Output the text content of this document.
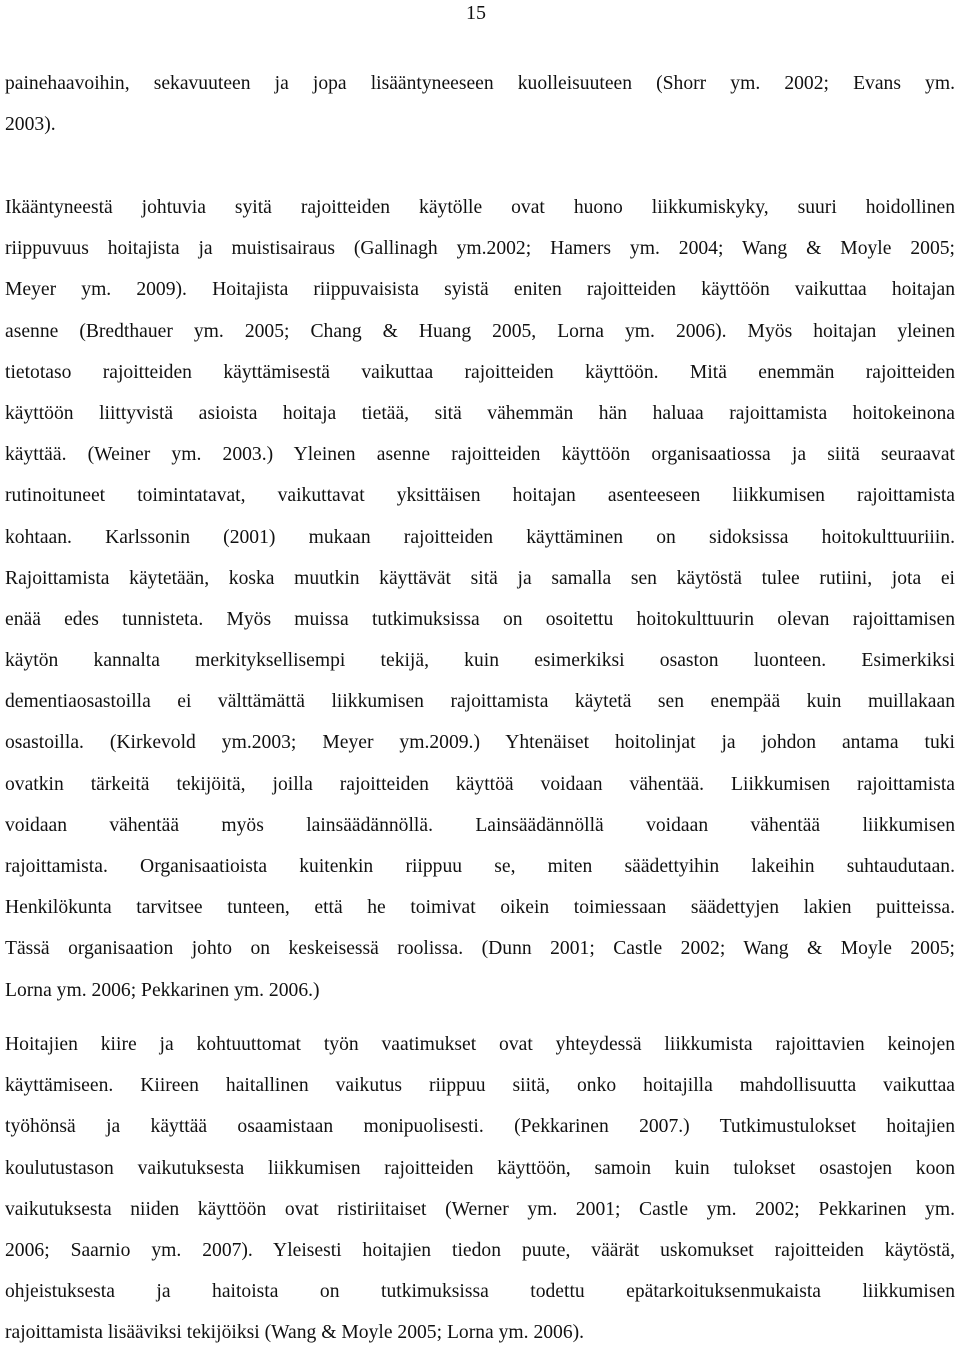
15
painehaavoihin, sekavuuteen ja jopa lisääntyneeseen kuolleisuuteen (Shorr ym. 2002; Evans ym.
2003).
Ikääntyneestä johtuvia syitä rajoitteiden käytölle ovat huono liikkumiskyky, suuri hoidollinen
riippuvuus hoitajista ja muistisairaus (Gallinagh ym.2002; Hamers ym. 2004; Wang & Moyle 2005;
Meyer ym. 2009). Hoitajista riippuvaisista syistä eniten rajoitteiden käyttöön vaikuttaa hoitajan
asenne (Bredthauer ym. 2005; Chang & Huang 2005, Lorna ym. 2006). Myös hoitajan yleinen
tietotaso rajoitteiden käyttämisestä vaikuttaa rajoitteiden käyttöön. Mitä enemmän rajoitteiden
käyttöön liittyvistä asioista hoitaja tietää, sitä vähemmän hän haluaa rajoittamista hoitokeinona
käyttää. (Weiner ym. 2003.) Yleinen asenne rajoitteiden käyttöön organisaatiossa ja siitä seuraavat
rutinoituneet toimintatavat, vaikuttavat yksittäisen hoitajan asenteeseen liikkumisen rajoittamista
kohtaan. Karlssonin (2001) mukaan rajoitteiden käyttäminen on sidoksissa hoitokulttuuriiin.
Rajoittamista käytetään, koska muutkin käyttävät sitä ja samalla sen käytöstä tulee rutiini, jota ei
enää edes tunnisteta. Myös muissa tutkimuksissa on osoitettu hoitokulttuurin olevan rajoittamisen
käytön kannalta merkityksellisempi tekijä, kuin esimerkiksi osaston luonteen. Esimerkiksi
dementiaosastoilla ei välttämättä liikkumisen rajoittamista käytetä sen enempää kuin muillakaan
osastoilla. (Kirkevold ym.2003; Meyer ym.2009.) Yhtenäiset hoitolinjat ja johdon antama tuki
ovatkin tärkeitä tekijöitä, joilla rajoitteiden käyttöä voidaan vähentää. Liikkumisen rajoittamista
voidaan vähentää myös lainsäädännöllä. Lainsäädännöllä voidaan vähentää liikkumisen
rajoittamista. Organisaatioista kuitenkin riippuu se, miten säädettyihin lakeihin suhtaudutaan.
Henkilökunta tarvitsee tunteen, että he toimivat oikein toimiessaan säädettyjen lakien puitteissa.
Tässä organisaation johto on keskeisessä roolissa. (Dunn 2001; Castle 2002; Wang & Moyle 2005;
Lorna ym. 2006; Pekkarinen ym. 2006.)
Hoitajien kiire ja kohtuuttomat työn vaatimukset ovat yhteydessä liikkumista rajoittavien keinojen
käyttämiseen. Kiireen haitallinen vaikutus riippuu siitä, onko hoitajilla mahdollisuutta vaikuttaa
työhönsä ja käyttää osaamistaan monipuolisesti. (Pekkarinen 2007.) Tutkimustulokset hoitajien
koulutustason vaikutuksesta liikkumisen rajoitteiden käyttöön, samoin kuin tulokset osastojen koon
vaikutuksesta niiden käyttöön ovat ristiriitaiset (Werner ym. 2001; Castle ym. 2002; Pekkarinen ym.
2006; Saarnio ym. 2007). Yleisesti hoitajien tiedon puute, väärät uskomukset rajoitteiden käytöstä,
ohjeistuksesta ja haitoista on tutkimuksissa todettu epätarkoituksenmukaista liikkumisen
rajoittamista lisääviksi tekijöiksi (Wang & Moyle 2005; Lorna ym. 2006).
